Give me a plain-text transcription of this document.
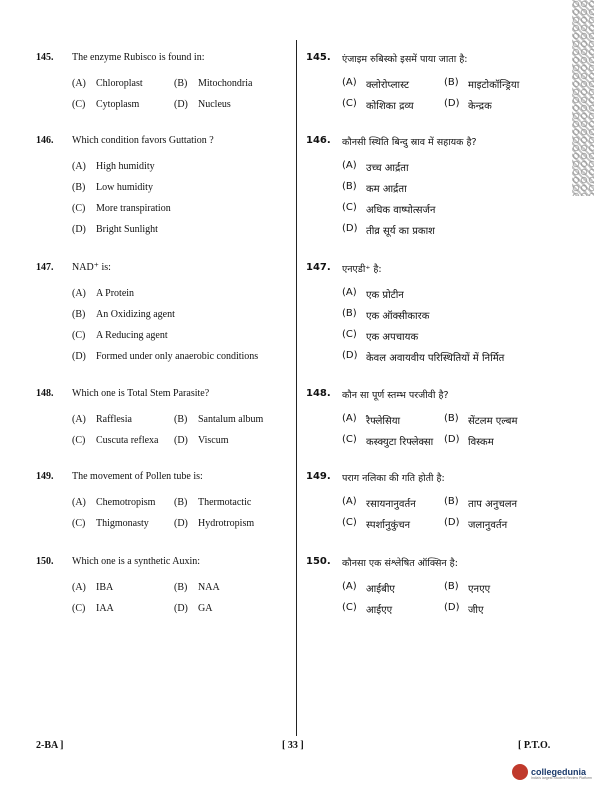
145.	The enzyme Rubisco is found in:
(A)	Chloroplast	(B)	Mitochondria
(C)	Cytoplasm	(D)	Nucleus
146.	Which condition favors Guttation ?
(A)	High humidity
(B)	Low humidity
(C)	More transpiration
(D)	Bright Sunlight
147.	NAD⁺ is:
(A)	A Protein
(B)	An Oxidizing agent
(C)	A Reducing agent
(D)	Formed under only anaerobic conditions
148.	Which one is Total Stem Parasite?
(A)	Rafflesia	(B)	Santalum album
(C)	Cuscuta reflexa (D)	Viscum
149.	The movement of Pollen tube is:
(A)	Chemotropism (B)	Thermotactic
(C)	Thigmonasty	(D)	Hydrotropism
150.	Which one is a synthetic Auxin:
(A)	IBA	(B)	NAA
(C)	IAA	(D)	GA
145.	एंजाइम रुबिस्को इसमें पाया जाता है:
(A) क्लोरोप्लास्ट	(B) माइटोकॉन्ड्रिया
(C) कोशिका द्रव्य	(D) केन्द्रक
146.	कौनसी स्थिति बिन्दु स्राव में सहायक है?
(A) उच्च आर्द्रता
(B) कम आर्द्रता
(C) अधिक वाष्पोत्सर्जन
(D) तीव्र सूर्य का प्रकाश
147.	एनएडी⁺ है:
(A) एक प्रोटीन
(B) एक ऑक्सीकारक
(C) एक अपचायक
(D) केवल अवायवीय परिस्थितियों में निर्मित
148.	कौन सा पूर्ण स्तम्भ परजीवी है?
(A) रैफ्लेसिया	(B) सेंटलम एल्बम
(C) कस्क्युटा रिफ्लेक्सा (D) विस्कम
149.	पराग नलिका की गति होती है:
(A) रसायनानुवर्तन	(B) ताप अनुचलन
(C) स्पर्शानुकुंचन	(D) जलानुवर्तन
150.	कौनसा एक संश्लेषित ऑक्सिन है:
(A) आईबीए	(B) एनएए
(C) आईएए	(D) जीए
2-BA ]	[ 33 ]	[ P.T.O.
collegedunia
India's largest Student Review Platform
